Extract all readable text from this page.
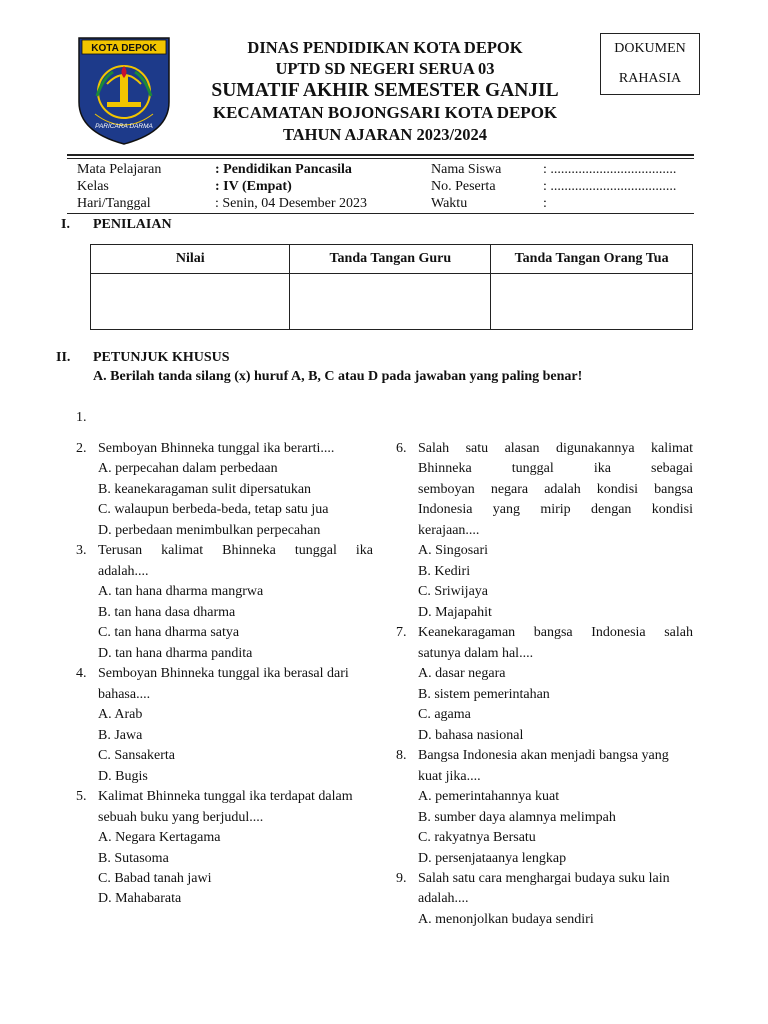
KOTA DEPOK
PARICARA DARMA
DINAS PENDIDIKAN KOTA DEPOK
UPTD SD NEGERI SERUA 03
SUMATIF AKHIR SEMESTER GANJIL
KECAMATAN BOJONGSARI KOTA DEPOK
TAHUN AJARAN 2023/2024
DOKUMEN
RAHASIA
Mata Pelajaran	: Pendidikan Pancasila
Kelas	: IV (Empat)
Hari/Tanggal	: Senin, 04 Desember 2023
Nama Siswa	: ....................................
No. Peserta	: ....................................
Waktu	:
I. PENILAIAN
Nilai	Tanda Tangan Guru	Tanda Tangan Orang Tua

II. PETUNJUK KHUSUS
A. Berilah tanda silang (x) huruf A, B, C atau D pada jawaban yang paling benar!
1.
2. Semboyan Bhinneka tunggal ika berarti....
A. perpecahan dalam perbedaan
B. keanekaragaman sulit dipersatukan
C. walaupun berbeda-beda, tetap satu jua
D. perbedaan menimbulkan perpecahan
3. Terusan kalimat Bhinneka tunggal ika
adalah....
A. tan hana dharma mangrwa
B. tan hana dasa dharma
C. tan hana dharma satya
D. tan hana dharma pandita
4. Semboyan Bhinneka tunggal ika berasal dari
bahasa....
A. Arab
B. Jawa
C. Sansakerta
D. Bugis
5. Kalimat Bhinneka tunggal ika terdapat dalam
sebuah buku yang berjudul....
A. Negara Kertagama
B. Sutasoma
C. Babad tanah jawi
D. Mahabarata
6. Salah satu alasan digunakannya kalimat
Bhinneka tunggal ika sebagai
semboyan negara adalah kondisi bangsa
Indonesia yang mirip dengan kondisi
kerajaan....
A. Singosari
B. Kediri
C. Sriwijaya
D. Majapahit
7. Keanekaragaman bangsa Indonesia salah
satunya dalam hal....
A. dasar negara
B. sistem pemerintahan
C. agama
D. bahasa nasional
8. Bangsa Indonesia akan menjadi bangsa yang
kuat jika....
A. pemerintahannya kuat
B. sumber daya alamnya melimpah
C. rakyatnya Bersatu
D. persenjataanya lengkap
9. Salah satu cara menghargai budaya suku lain
adalah....
A. menonjolkan budaya sendiri
